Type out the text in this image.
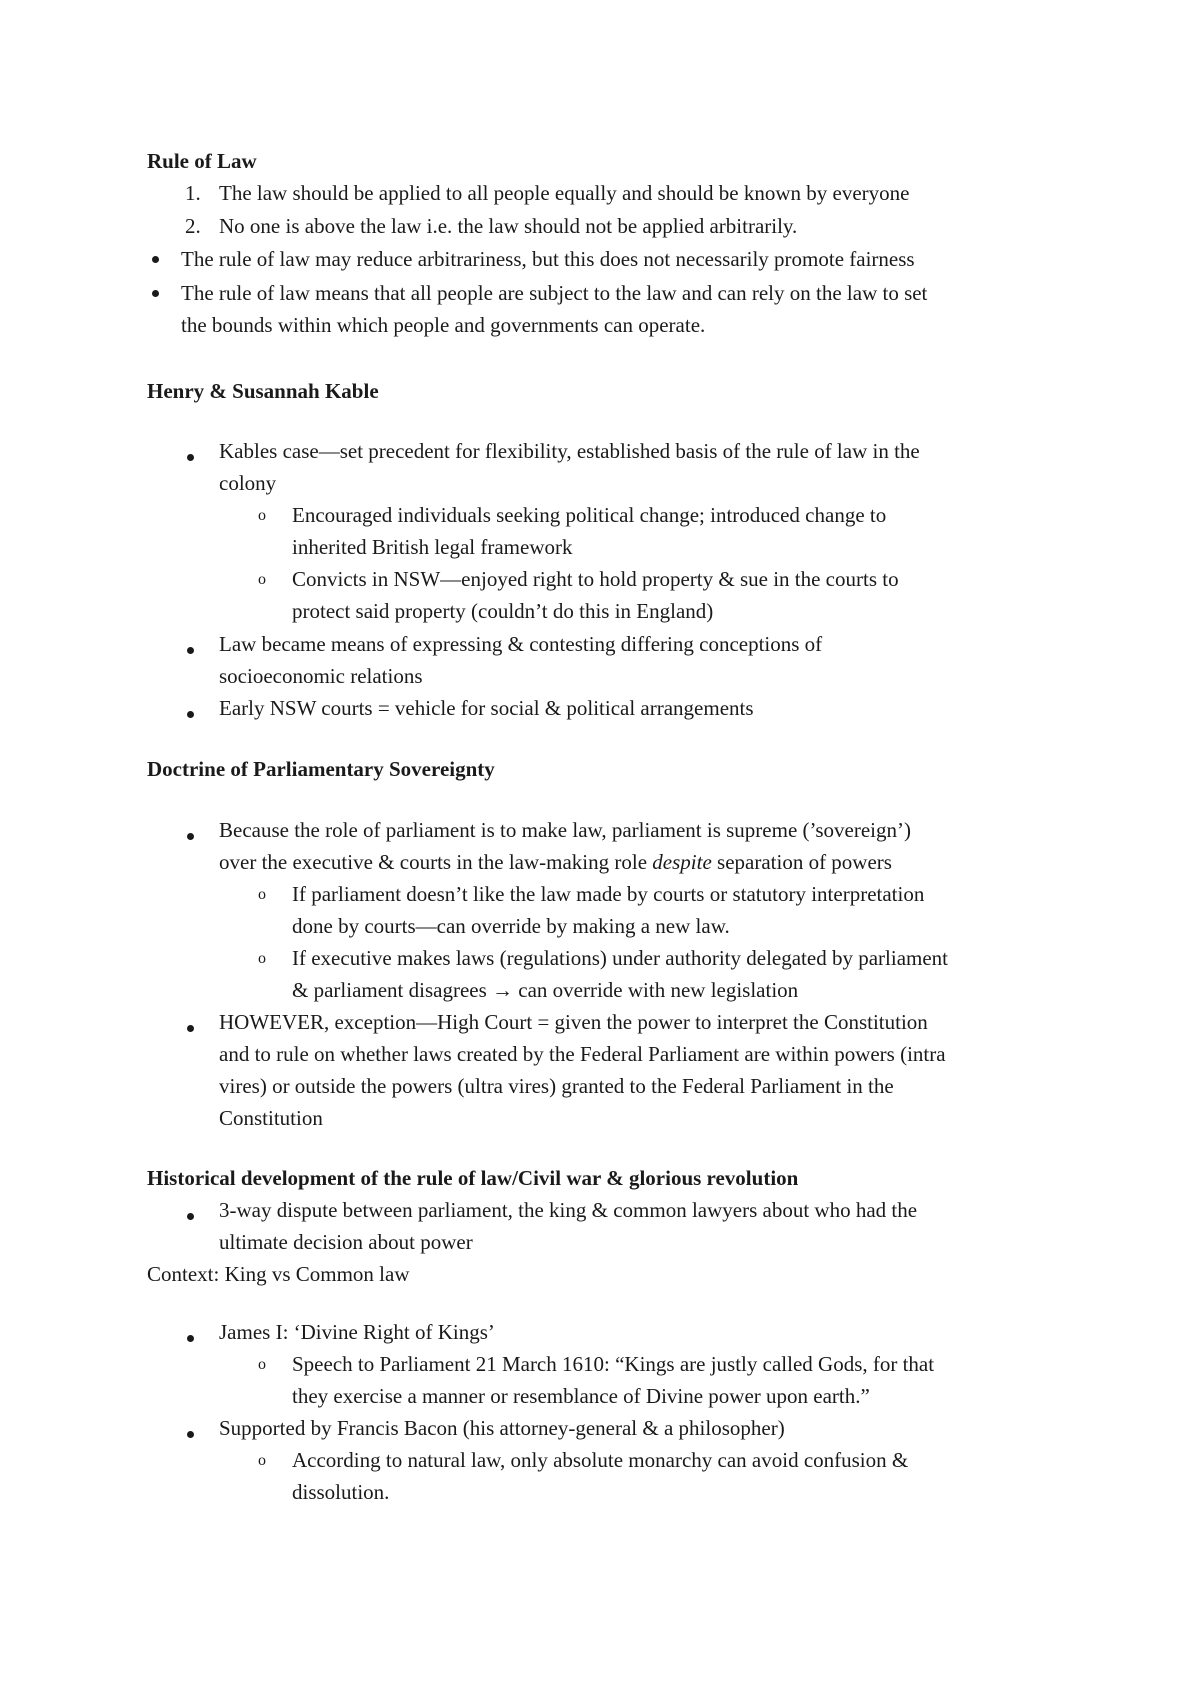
Rule of Law
1. The law should be applied to all people equally and should be known by everyone
2. No one is above the law i.e. the law should not be applied arbitrarily.
The rule of law may reduce arbitrariness, but this does not necessarily promote fairness
The rule of law means that all people are subject to the law and can rely on the law to set
the bounds within which people and governments can operate.
Henry & Susannah Kable
Kables case—set precedent for flexibility, established basis of the rule of law in the
colony
o Encouraged individuals seeking political change; introduced change to
inherited British legal framework
o Convicts in NSW—enjoyed right to hold property & sue in the courts to
protect said property (couldn’t do this in England)
Law became means of expressing & contesting differing conceptions of
socioeconomic relations
Early NSW courts = vehicle for social & political arrangements
Doctrine of Parliamentary Sovereignty
Because the role of parliament is to make law, parliament is supreme (’sovereign’)
over the executive & courts in the law-making role despite separation of powers
o If parliament doesn’t like the law made by courts or statutory interpretation
done by courts—can override by making a new law.
o If executive makes laws (regulations) under authority delegated by parliament
& parliament disagrees → can override with new legislation
HOWEVER, exception—High Court = given the power to interpret the Constitution
and to rule on whether laws created by the Federal Parliament are within powers (intra
vires) or outside the powers (ultra vires) granted to the Federal Parliament in the
Constitution
Historical development of the rule of law/Civil war & glorious revolution
3-way dispute between parliament, the king & common lawyers about who had the
ultimate decision about power
Context: King vs Common law
James I: ‘Divine Right of Kings’
o Speech to Parliament 21 March 1610: “Kings are justly called Gods, for that
they exercise a manner or resemblance of Divine power upon earth.”
Supported by Francis Bacon (his attorney-general & a philosopher)
o According to natural law, only absolute monarchy can avoid confusion &
dissolution.
